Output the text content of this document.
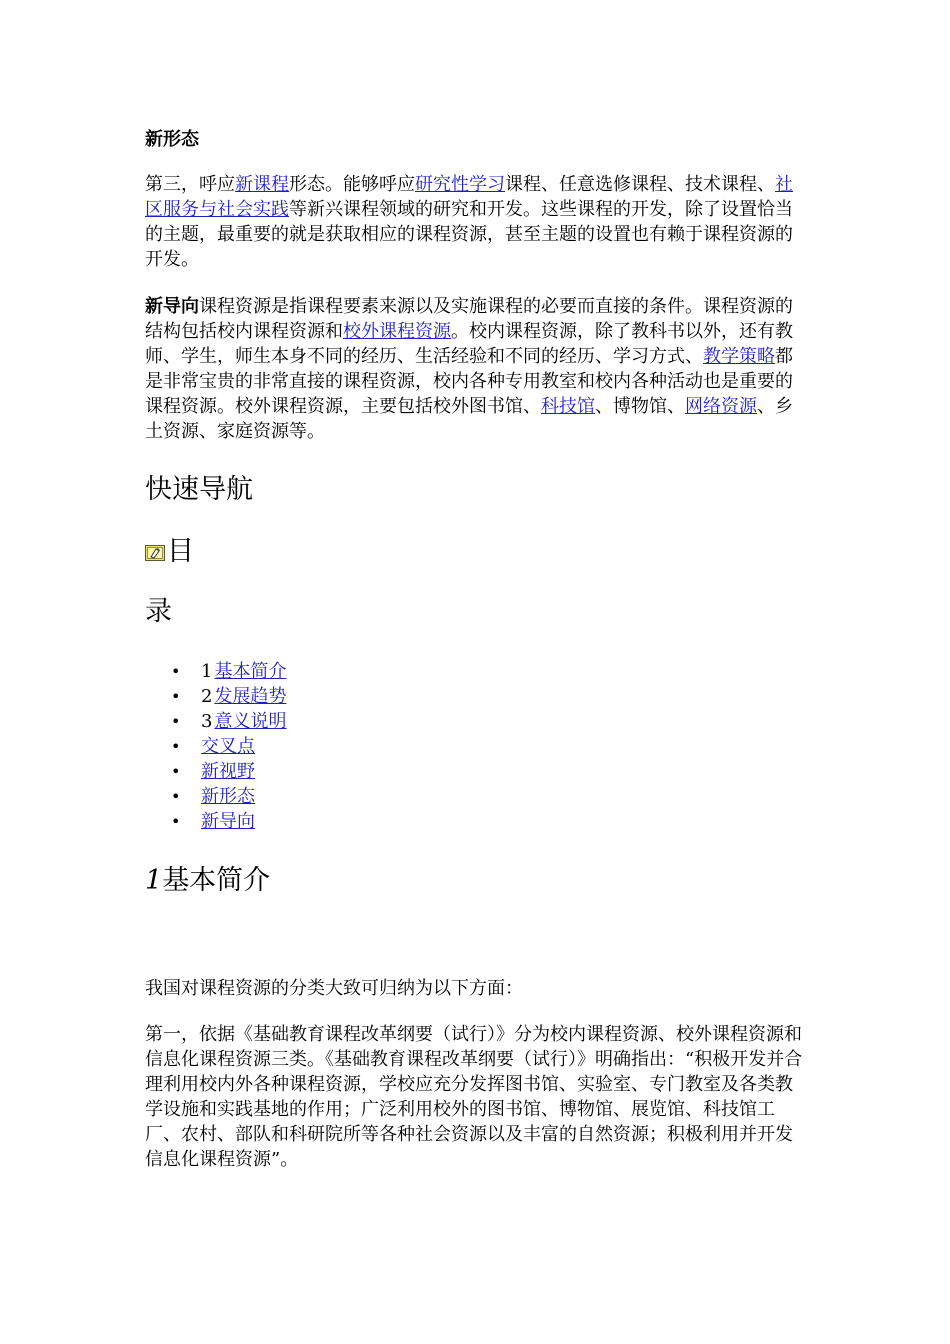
新形态

第三，呼应新课程形态。能够呼应研究性学习课程、任意选修课程、技术课程、社区服务与社会实践等新兴课程领域的研究和开发。这些课程的开发，除了设置恰当的主题，最重要的就是获取相应的课程资源，甚至主题的设置也有赖于课程资源的开发。

新导向课程资源是指课程要素来源以及实施课程的必要而直接的条件。课程资源的结构包括校内课程资源和校外课程资源。校内课程资源，除了教科书以外，还有教师、学生，师生本身不同的经历、生活经验和不同的经历、学习方式、教学策略都是非常宝贵的非常直接的课程资源，校内各种专用教室和校内各种活动也是重要的课程资源。校外课程资源，主要包括校外图书馆、科技馆、博物馆、网络资源、乡土资源、家庭资源等。

快速导航
目
录
• 1 基本简介
• 2 发展趋势
• 3 意义说明
• 交叉点
• 新视野
• 新形态
• 新导向
1基本简介

我国对课程资源的分类大致可归纳为以下方面：

第一，依据《基础教育课程改革纲要（试行）》分为校内课程资源、校外课程资源和信息化课程资源三类。《基础教育课程改革纲要（试行）》明确指出：“积极开发并合理利用校内外各种课程资源，学校应充分发挥图书馆、实验室、专门教室及各类教学设施和实践基地的作用；广泛利用校外的图书馆、博物馆、展览馆、科技馆工厂、农村、部队和科研院所等各种社会资源以及丰富的自然资源；积极利用并开发信息化课程资源”。
